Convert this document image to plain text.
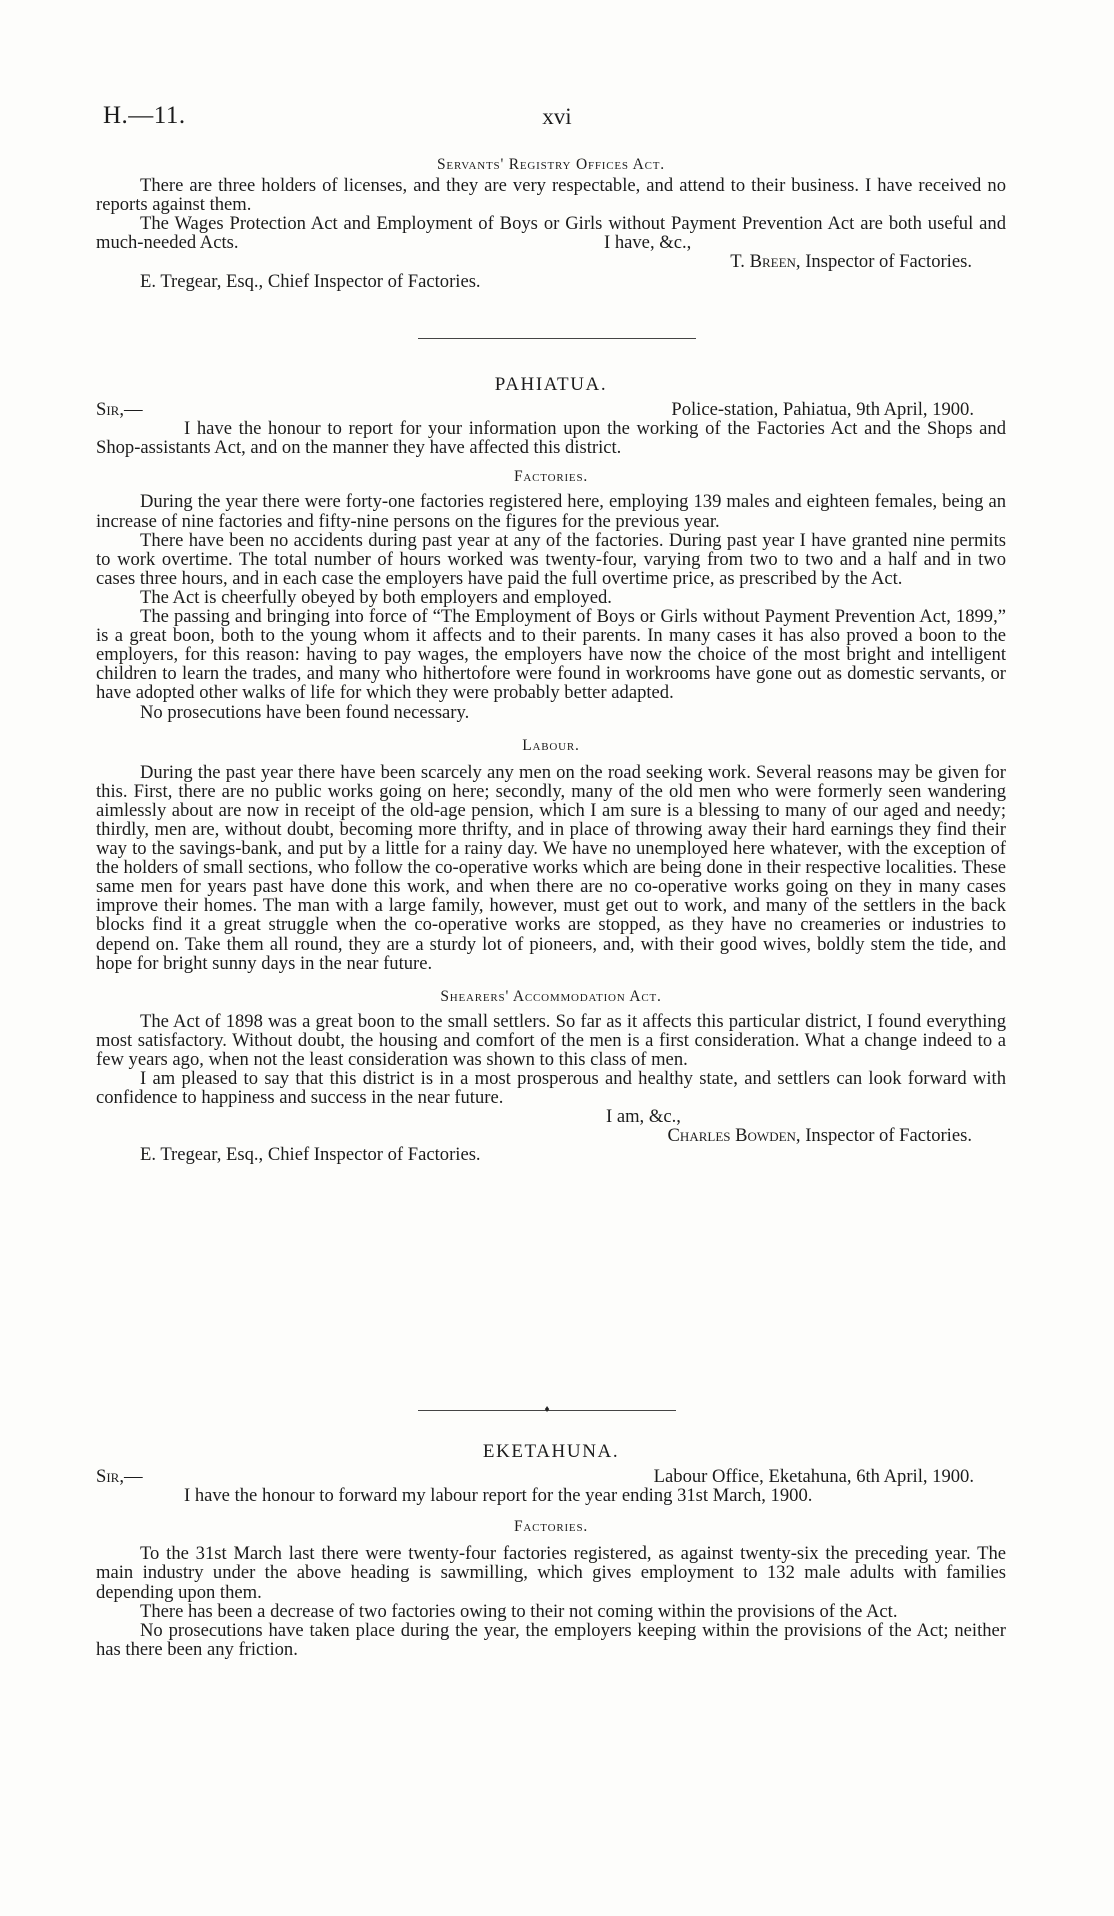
H.—11.	xvi
Servants' Registry Offices Act.

There are three holders of licenses, and they are very respectable, and attend to their business. I have received no reports against them.

The Wages Protection Act and Employment of Boys or Girls without Payment Prevention Act are both useful and much-needed Acts.	I have, &c.,
T. Breen, Inspector of Factories.
E. Tregear, Esq., Chief Inspector of Factories.
PAHIATUA.
Sir,—	Police-station, Pahiatua, 9th April, 1900.

I have the honour to report for your information upon the working of the Factories Act and the Shops and Shop-assistants Act, and on the manner they have affected this district.

Factories.

During the year there were forty-one factories registered here, employing 139 males and eighteen females, being an increase of nine factories and fifty-nine persons on the figures for the previous year.

There have been no accidents during past year at any of the factories. During past year I have granted nine permits to work overtime. The total number of hours worked was twenty-four, varying from two to two and a half and in two cases three hours, and in each case the employers have paid the full overtime price, as prescribed by the Act.

The Act is cheerfully obeyed by both employers and employed.

The passing and bringing into force of “The Employment of Boys or Girls without Payment Prevention Act, 1899,” is a great boon, both to the young whom it affects and to their parents. In many cases it has also proved a boon to the employers, for this reason: having to pay wages, the employers have now the choice of the most bright and intelligent children to learn the trades, and many who hithertofore were found in workrooms have gone out as domestic servants, or have adopted other walks of life for which they were probably better adapted.

No prosecutions have been found necessary.

Labour.

During the past year there have been scarcely any men on the road seeking work. Several reasons may be given for this. First, there are no public works going on here; secondly, many of the old men who were formerly seen wandering aimlessly about are now in receipt of the old-age pension, which I am sure is a blessing to many of our aged and needy; thirdly, men are, without doubt, becoming more thrifty, and in place of throwing away their hard earnings they find their way to the savings-bank, and put by a little for a rainy day. We have no unemployed here whatever, with the exception of the holders of small sections, who follow the co-operative works which are being done in their respective localities. These same men for years past have done this work, and when there are no co-operative works going on they in many cases improve their homes. The man with a large family, however, must get out to work, and many of the settlers in the back blocks find it a great struggle when the co-operative works are stopped, as they have no creameries or industries to depend on. Take them all round, they are a sturdy lot of pioneers, and, with their good wives, boldly stem the tide, and hope for bright sunny days in the near future.

Shearers' Accommodation Act.

The Act of 1898 was a great boon to the small settlers. So far as it affects this particular district, I found everything most satisfactory. Without doubt, the housing and comfort of the men is a first consideration. What a change indeed to a few years ago, when not the least consideration was shown to this class of men.

I am pleased to say that this district is in a most prosperous and healthy state, and settlers can look forward with confidence to happiness and success in the near future.

I am, &c.,
Charles Bowden, Inspector of Factories.
E. Tregear, Esq., Chief Inspector of Factories.
♦
EKETAHUNA.
Sir,—	Labour Office, Eketahuna, 6th April, 1900.

I have the honour to forward my labour report for the year ending 31st March, 1900.

Factories.

To the 31st March last there were twenty-four factories registered, as against twenty-six the preceding year. The main industry under the above heading is sawmilling, which gives employment to 132 male adults with families depending upon them.

There has been a decrease of two factories owing to their not coming within the provisions of the Act.

No prosecutions have taken place during the year, the employers keeping within the provisions of the Act; neither has there been any friction.
